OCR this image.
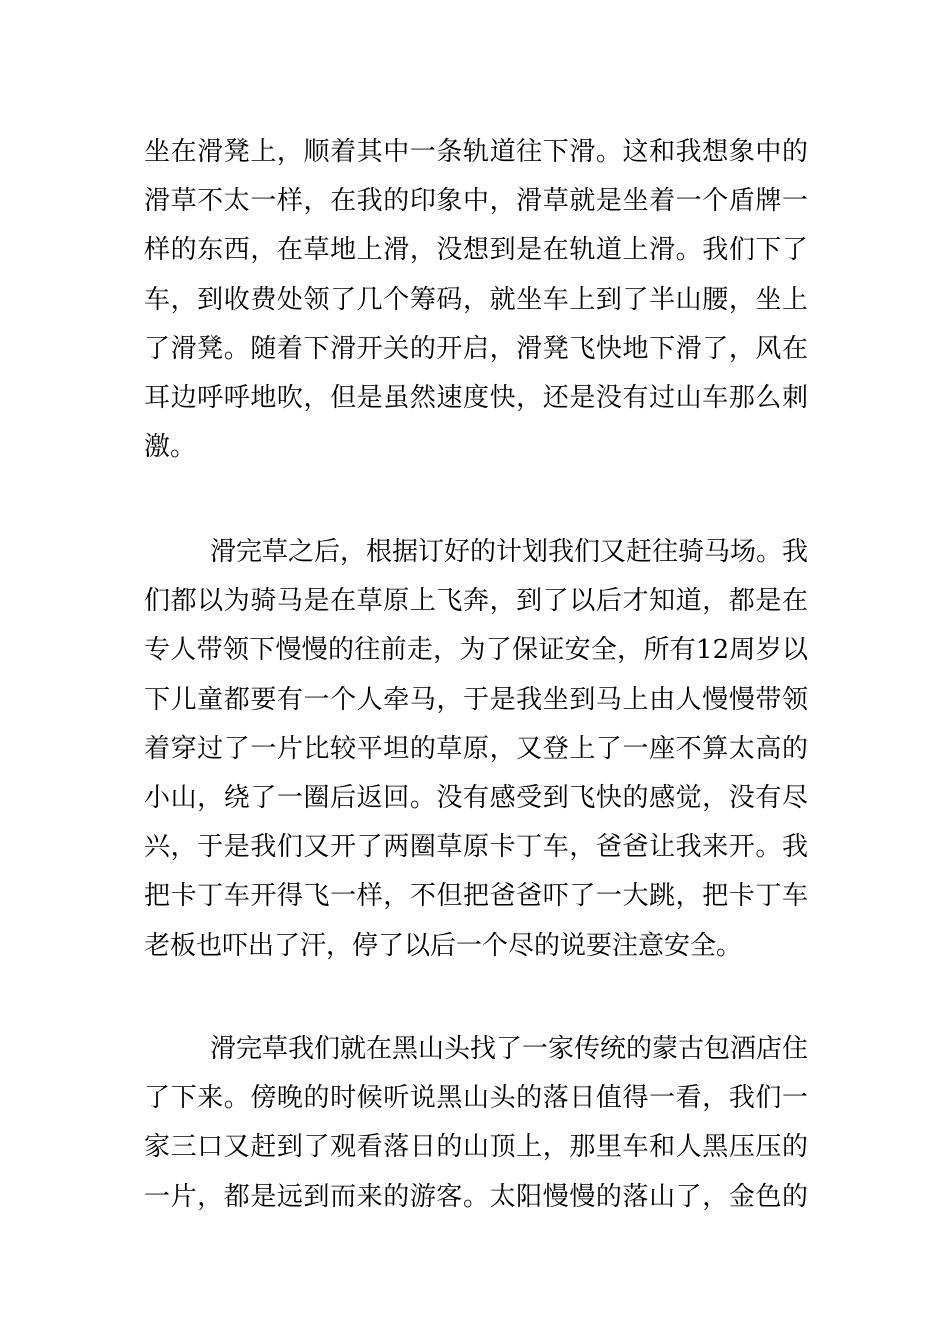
坐在滑凳上，顺着其中一条轨道往下滑。这和我想象中的
滑草不太一样，在我的印象中，滑草就是坐着一个盾牌一
样的东西，在草地上滑，没想到是在轨道上滑。我们下了
车，到收费处领了几个筹码，就坐车上到了半山腰，坐上
了滑凳。随着下滑开关的开启，滑凳飞快地下滑了，风在
耳边呼呼地吹，但是虽然速度快，还是没有过山车那么刺
激。
滑完草之后，根据订好的计划我们又赶往骑马场。我
们都以为骑马是在草原上飞奔，到了以后才知道，都是在
专人带领下慢慢的往前走，为了保证安全，所有12周岁以
下儿童都要有一个人牵马，于是我坐到马上由人慢慢带领
着穿过了一片比较平坦的草原，又登上了一座不算太高的
小山，绕了一圈后返回。没有感受到飞快的感觉，没有尽
兴，于是我们又开了两圈草原卡丁车，爸爸让我来开。我
把卡丁车开得飞一样，不但把爸爸吓了一大跳，把卡丁车
老板也吓出了汗，停了以后一个尽的说要注意安全。
滑完草我们就在黑山头找了一家传统的蒙古包酒店住
了下来。傍晚的时候听说黑山头的落日值得一看，我们一
家三口又赶到了观看落日的山顶上，那里车和人黑压压的
一片，都是远到而来的游客。太阳慢慢的落山了，金色的
